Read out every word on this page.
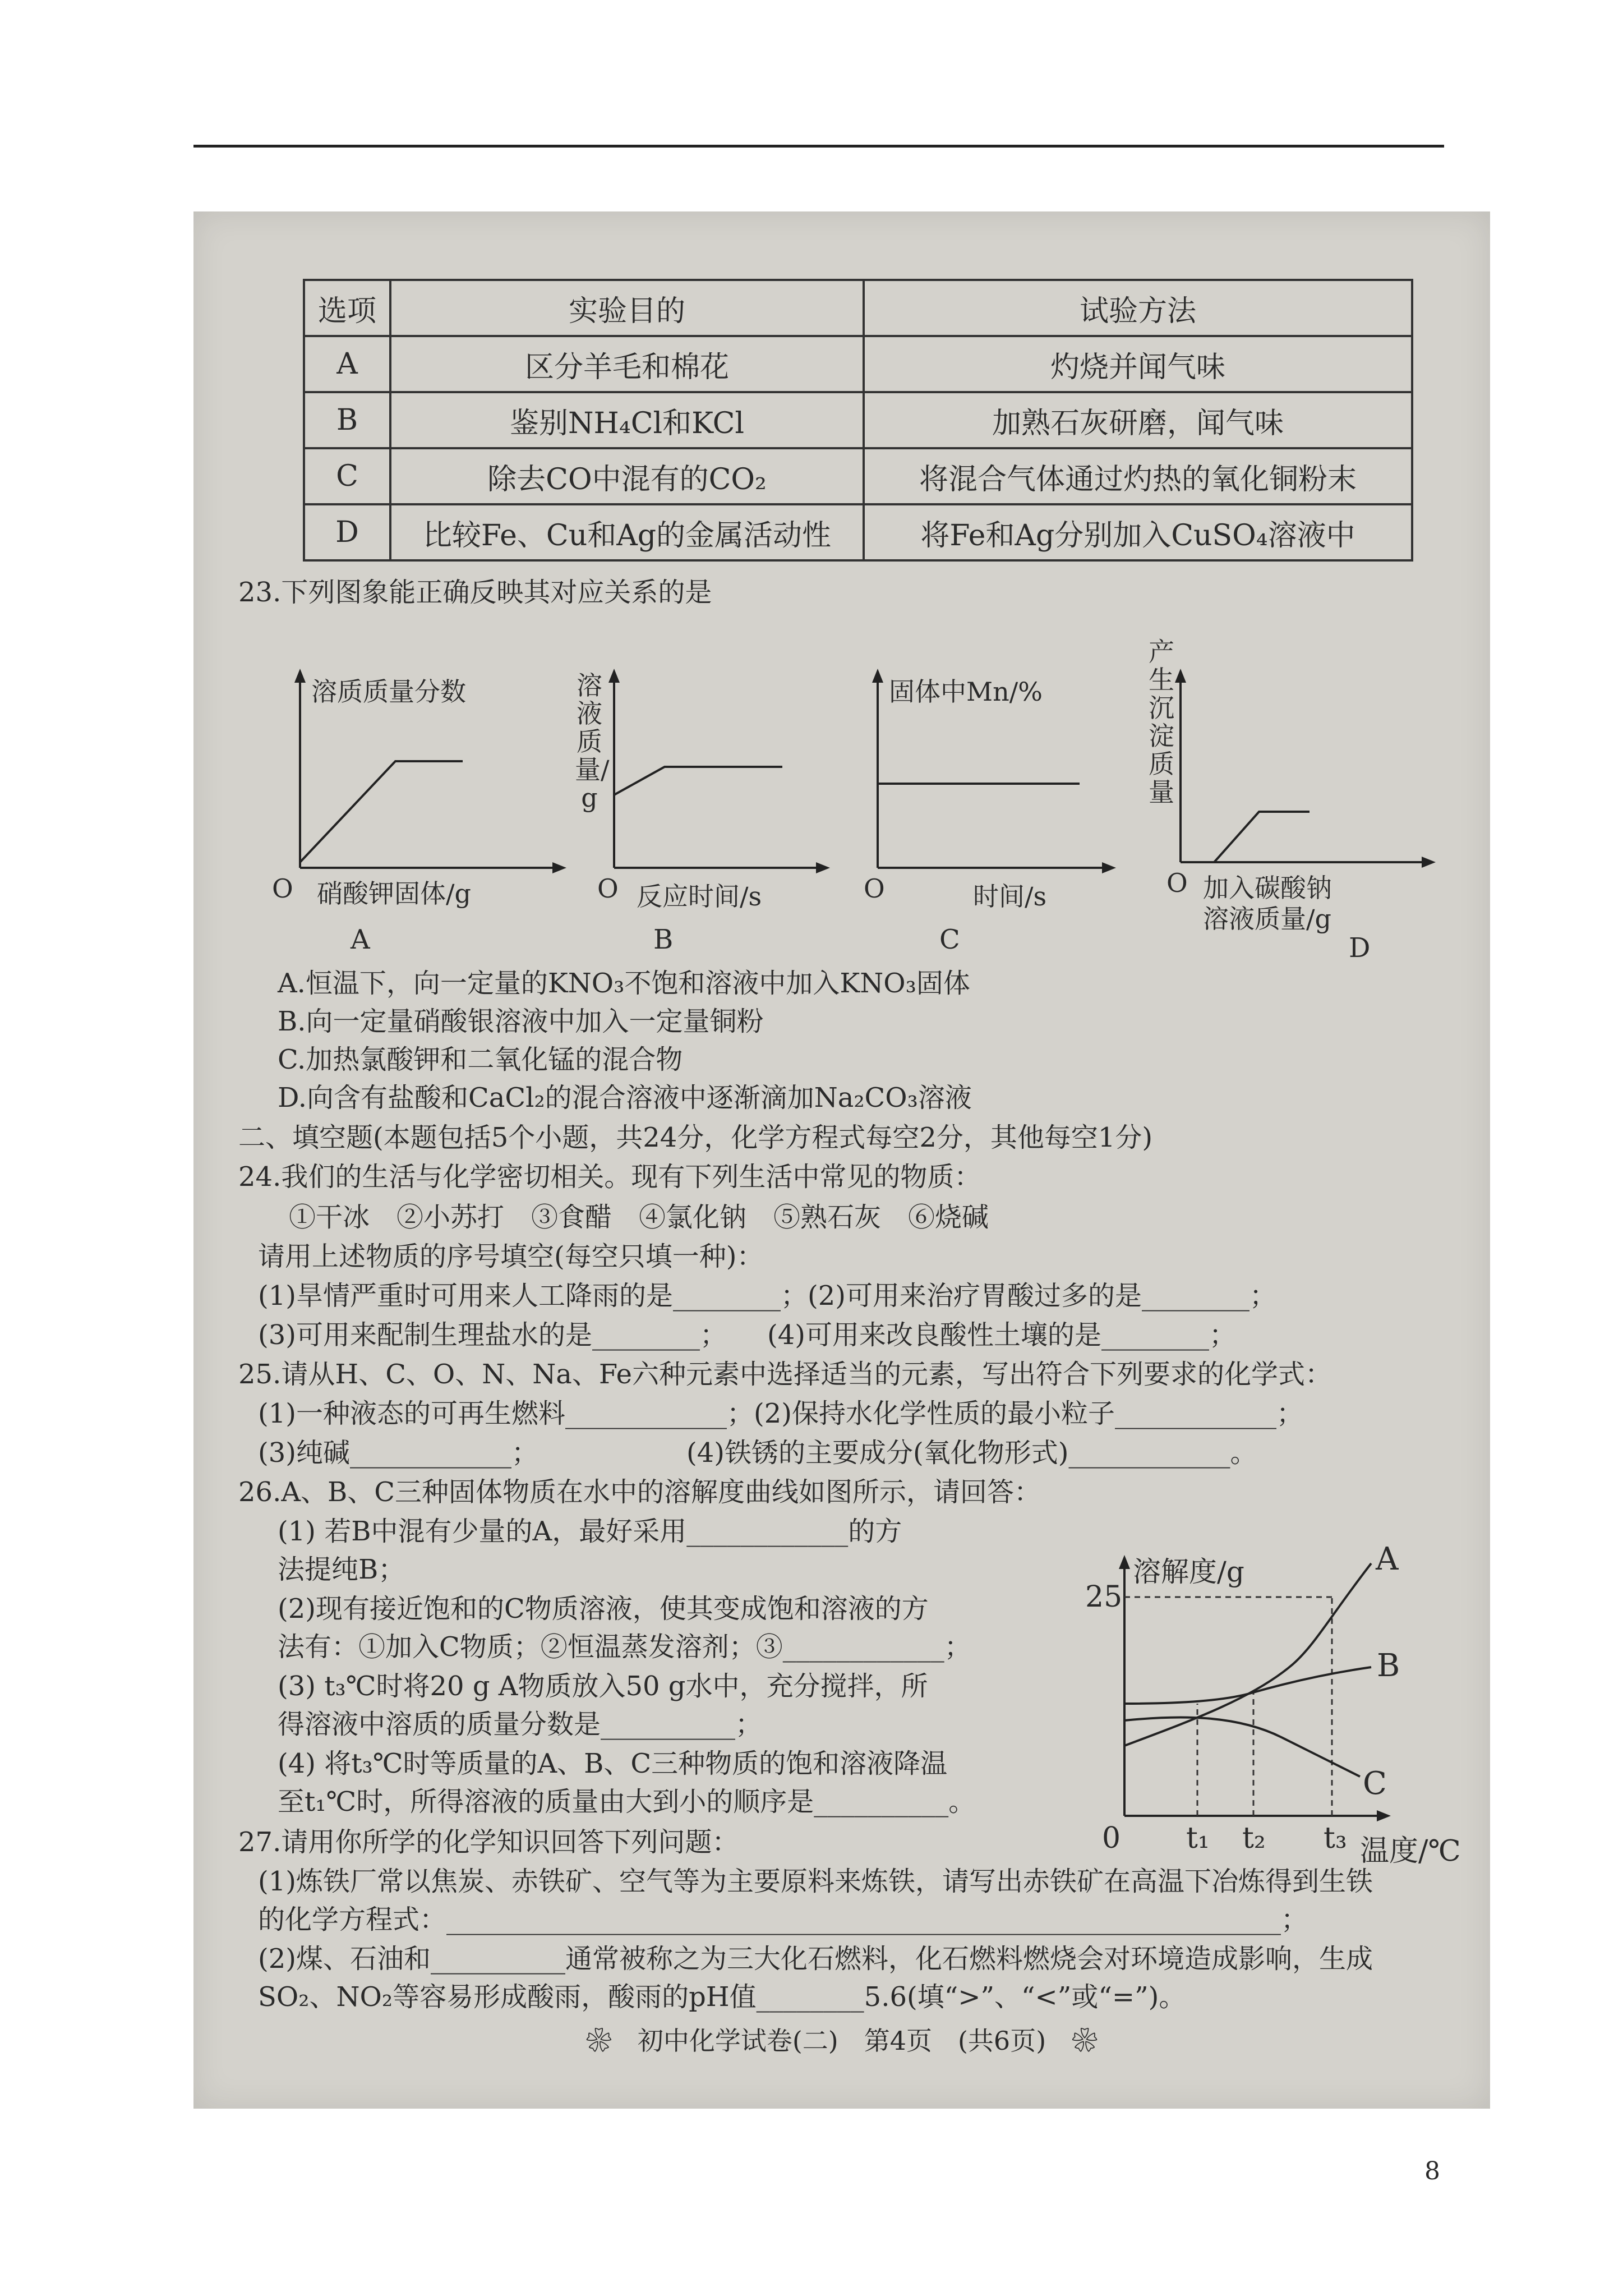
选项	实验目的	试验方法
A	区分羊毛和棉花	灼烧并闻气味
B	鉴别NH₄Cl和KCl	加熟石灰研磨，闻气味
C	除去CO中混有的CO₂	将混合气体通过灼热的氧化铜粉末
D	比较Fe、Cu和Ag的金属活动性	将Fe和Ag分别加入CuSO₄溶液中
23.下列图象能正确反映其对应关系的是
溶质质量分数
O 硝酸钾固体/g
A
溶液质量/g
O 反应时间/s
B
固体中Mn/%
O	时间/s
C
产生沉淀质量
O 加入碳酸钠
溶液质量/g
D
A.恒温下，向一定量的KNO₃不饱和溶液中加入KNO₃固体
B.向一定量硝酸银溶液中加入一定量铜粉
C.加热氯酸钾和二氧化锰的混合物
D.向含有盐酸和CaCl₂的混合溶液中逐渐滴加Na₂CO₃溶液
二、填空题(本题包括5个小题，共24分，化学方程式每空2分，其他每空1分)
24.我们的生活与化学密切相关。现有下列生活中常见的物质：
①干冰　②小苏打　③食醋　④氯化钠　⑤熟石灰　⑥烧碱
请用上述物质的序号填空(每空只填一种)：
(1)旱情严重时可用来人工降雨的是________；(2)可用来治疗胃酸过多的是________；
(3)可用来配制生理盐水的是________；　　(4)可用来改良酸性土壤的是________；
25.请从H、C、O、N、Na、Fe六种元素中选择适当的元素，写出符合下列要求的化学式：
(1)一种液态的可再生燃料____________；(2)保持水化学性质的最小粒子____________；
(3)纯碱____________；　　　　　　(4)铁锈的主要成分(氧化物形式)____________。
26.A、B、C三种固体物质在水中的溶解度曲线如图所示，请回答：
(1) 若B中混有少量的A，最好采用____________的方
法提纯B；
(2)现有接近饱和的C物质溶液，使其变成饱和溶液的方
法有：①加入C物质；②恒温蒸发溶剂；③____________；
(3) t₃℃时将20 g A物质放入50 g水中，充分搅拌，所
得溶液中溶质的质量分数是__________；
(4) 将t₃℃时等质量的A、B、C三种物质的饱和溶液降温
至t₁℃时，所得溶液的质量由大到小的顺序是__________。
溶解度/g
25
A
B
C
0 t₁ t₂ t₃ 温度/℃
27.请用你所学的化学知识回答下列问题：
(1)炼铁厂常以焦炭、赤铁矿、空气等为主要原料来炼铁，请写出赤铁矿在高温下冶炼得到生铁
的化学方程式：______________________________________________________________；
(2)煤、石油和__________通常被称之为三大化石燃料，化石燃料燃烧会对环境造成影响，生成
SO₂、NO₂等容易形成酸雨，酸雨的pH值________5.6(填“>”、“<”或“=”)。
❀　初中化学试卷(二)　第4页　(共6页)　❀
8
